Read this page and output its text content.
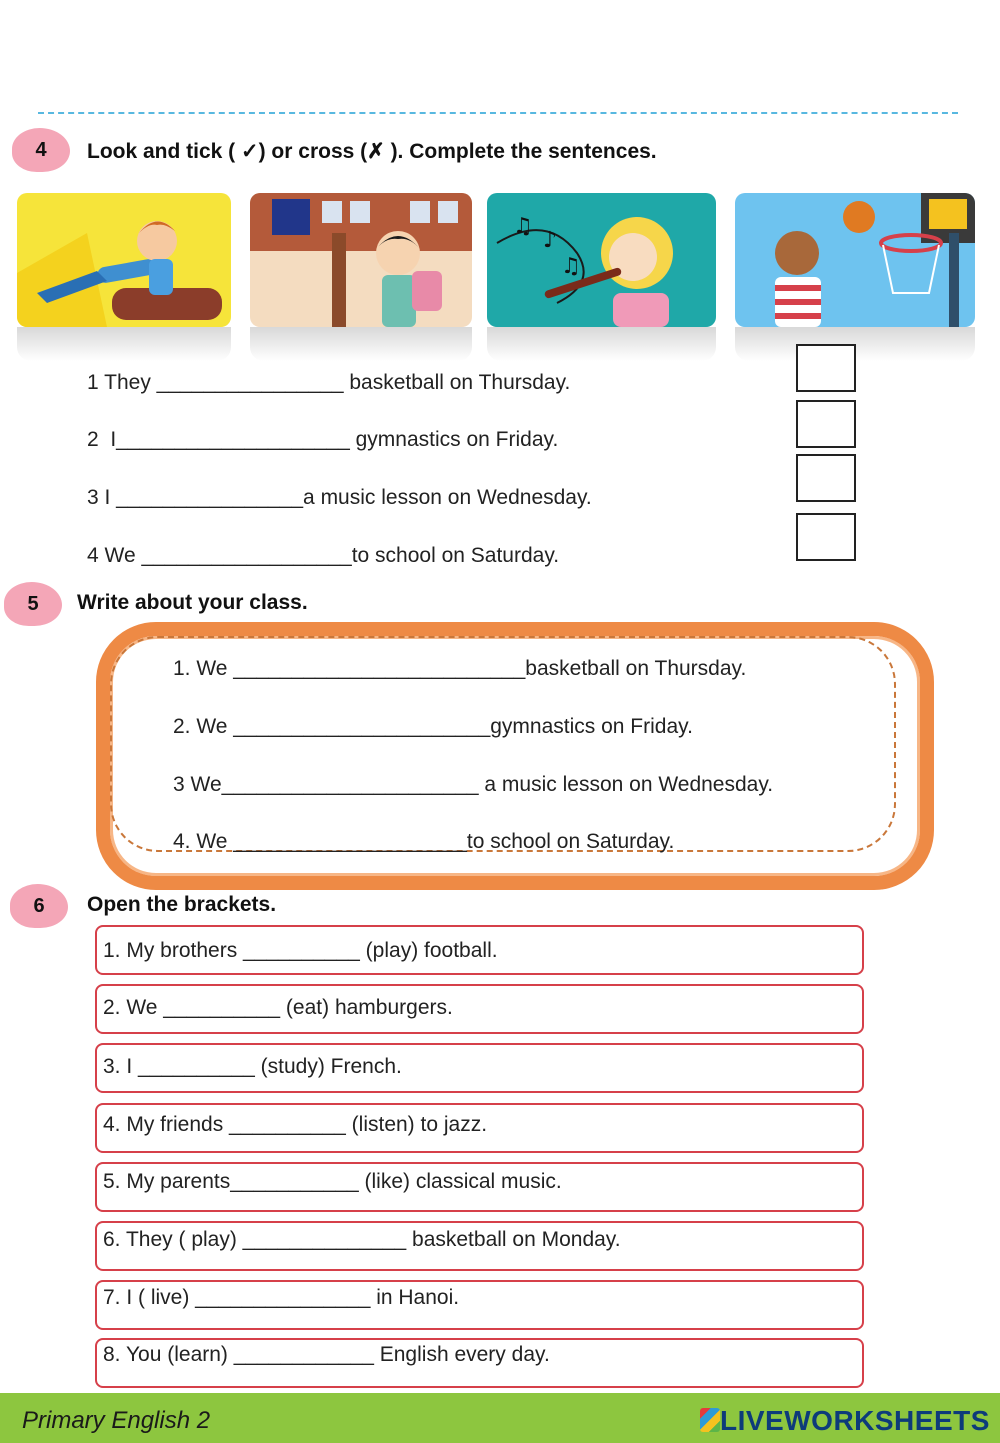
4	Look and tick ( ✓) or cross (✗ ). Complete the sentences.
♫
♪
♫
1 They ________________ basketball on Thursday.
2  I____________________ gymnastics on Friday.
3 I ________________a music lesson on Wednesday.
4 We __________________to school on Saturday.
5	Write about your class.
1. We _________________________basketball on Thursday.
2. We ______________________gymnastics on Friday.
3 We______________________ a music lesson on Wednesday.
4. We ____________________to school on Saturday.
6	Open the brackets.
1. My brothers __________ (play) football.
2. We __________ (eat) hamburgers.
3. I __________ (study) French.
4. My friends __________ (listen) to jazz.
5. My parents___________ (like) classical music.
6. They ( play) ______________ basketball on Monday.
7. I ( live) _______________ in Hanoi.
8. You (learn) ____________ English every day.
Primary English 2	LIVEWORKSHEETS
